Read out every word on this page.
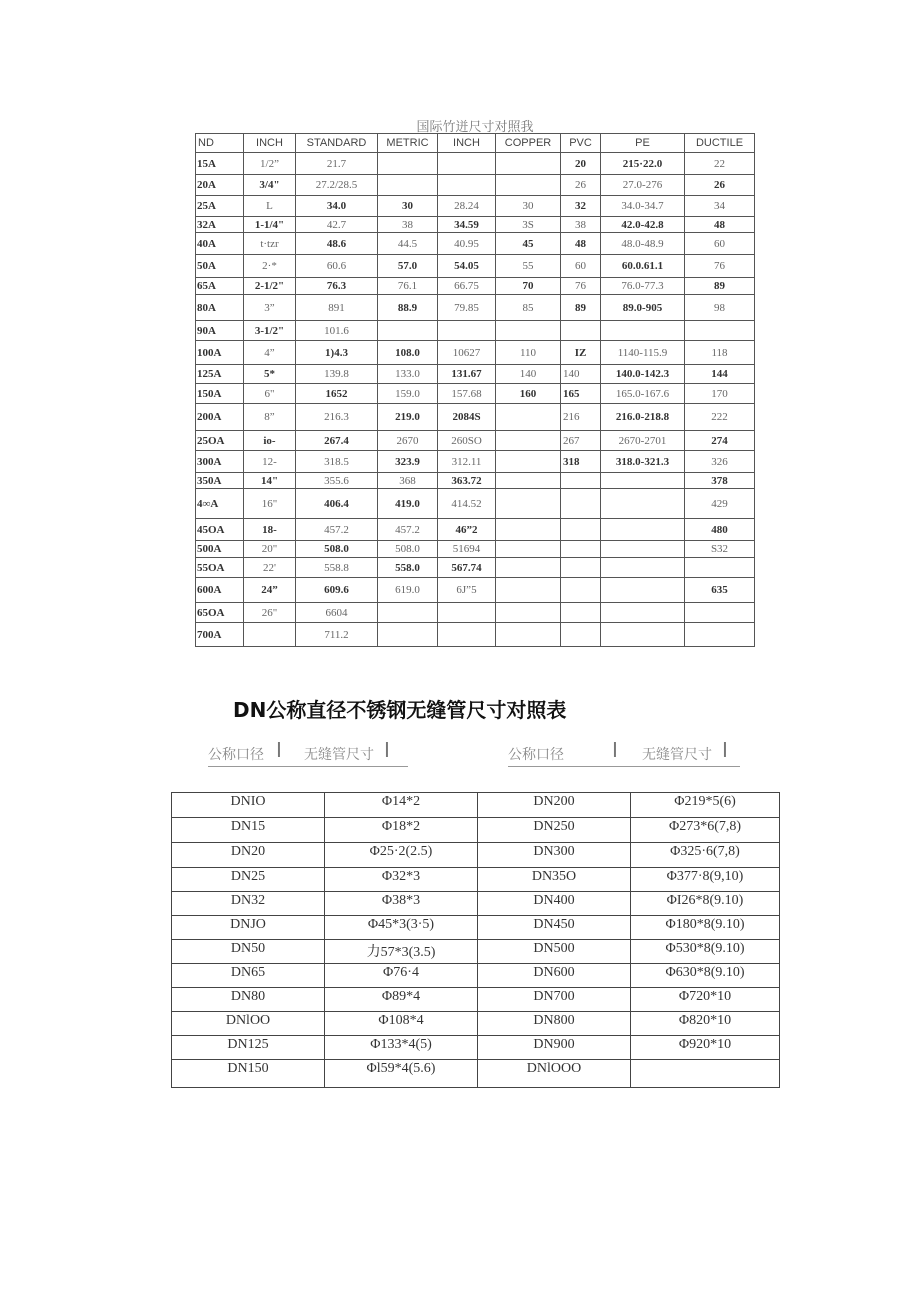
国际竹迸尺寸对照我
ND	INCH	STANDARD	METRIC	INCH	COPPER	PVC	PE	DUCTILE
15A	1/2”	21.7				20	215·22.0	22
20A	3/4"	27.2/28.5				26	27.0-276	26
25A	L	34.0	30	28.24	30	32	34.0-34.7	34
32A	1-1/4"	42.7	38	34.59	3S	38	42.0-42.8	48
40A	t·tzr	48.6	44.5	40.95	45	48	48.0-48.9	60
50A	2·*	60.6	57.0	54.05	55	60	60.0.61.1	76
65A	2-1/2"	76.3	76.1	66.75	70	76	76.0-77.3	89
80A	3”	891	88.9	79.85	85	89	89.0-905	98
90A	3-1/2"	101.6						
100A	4”	1)4.3	108.0	10627	110	IZ	1140-115.9	118
125A	5*	139.8	133.0	131.67	140	140	140.0-142.3	144
150A	6"	1652	159.0	157.68	160	165	165.0-167.6	170
200A	8”	216.3	219.0	2084S		216	216.0-218.8	222
25OA	io-	267.4	2670	260SO		267	2670-2701	274
300A	12-	318.5	323.9	312.11		318	318.0-321.3	326
350A	14"	355.6	368	363.72				378
4∞A	16"	406.4	419.0	414.52				429
45OA	18-	457.2	457.2	46”2				480
500A	20"	508.0	508.0	51694				S32
55OA	22'	558.8	558.0	567.74				
600A	24”	609.6	619.0	6J”5				635
65OA	26"	6604						
700A		711.2						
DN公称直径不锈钢无缝管尺寸对照表
公称口径 I 无缝管尺寸 I	公称口径 I 无缝管尺寸 I
DNIO	Φ14*2	DN200	Φ219*5(6)
DN15	Φ18*2	DN250	Φ273*6(7,8)
DN20	Φ25·2(2.5)	DN300	Φ325·6(7,8)
DN25	Φ32*3	DN35O	Φ377·8(9,10)
DN32	Φ38*3	DN400	ΦI26*8(9.10)
DNJO	Φ45*3(3·5)	DN450	Φ180*8(9.10)
DN50	力57*3(3.5)	DN500	Φ530*8(9.10)
DN65	Φ76·4	DN600	Φ630*8(9.10)
DN80	Φ89*4	DN700	Φ720*10
DNlOO	Φ108*4	DN800	Φ820*10
DN125	Φ133*4(5)	DN900	Φ920*10
DN150	Φl59*4(5.6)	DNlOOO	
